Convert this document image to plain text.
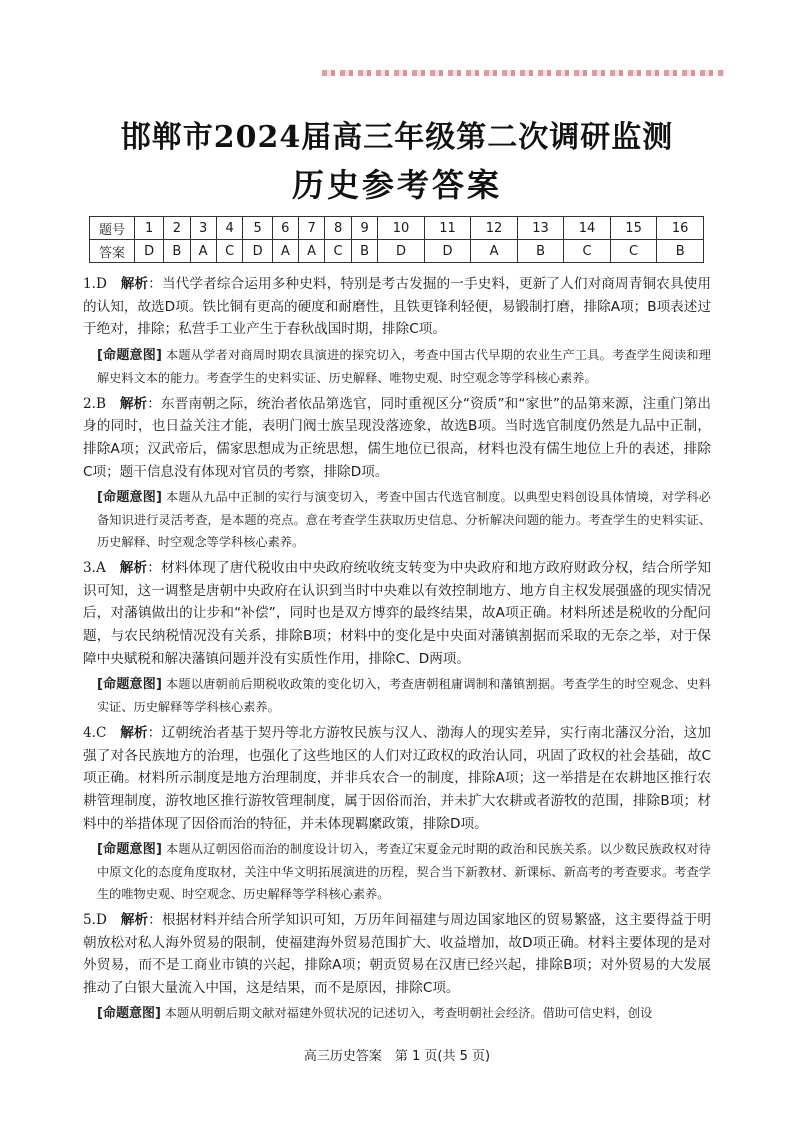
邯郸市2024届高三年级第二次调研监测
历史参考答案
题号	1	2	3	4	5	6	7	8	9	10	11	12	13	14	15	16
答案	D	B	A	C	D	A	A	C	B	D	D	A	B	C	C	B

1.D　 解析：当代学者综合运用多种史料，特别是考古发掘的一手史料，更新了人们对商周青铜农具使用的认知，故选D项。铁比铜有更高的硬度和耐磨性，且铁更锋利轻便，易锻制打磨，排除A项；B项表述过于绝对，排除；私营手工业产生于春秋战国时期，排除C项。

[命题意图] 本题从学者对商周时期农具演进的探究切入，考查中国古代早期的农业生产工具。考查学生阅读和理解史料文本的能力。考查学生的史料实证、历史解释、唯物史观、时空观念等学科核心素养。

2.B　 解析：东晋南朝之际，统治者依品第选官，同时重视区分“资质”和“家世”的品第来源，注重门第出身的同时，也日益关注才能，表明门阀士族呈现没落迹象，故选B项。当时选官制度仍然是九品中正制，排除A项；汉武帝后，儒家思想成为正统思想，儒生地位已很高，材料也没有儒生地位上升的表述，排除C项；题干信息没有体现对官员的考察，排除D项。

[命题意图] 本题从九品中正制的实行与演变切入，考查中国古代选官制度。以典型史料创设具体情境，对学科必备知识进行灵活考查，是本题的亮点。意在考查学生获取历史信息、分析解决问题的能力。考查学生的史料实证、历史解释、时空观念等学科核心素养。

3.A　 解析：材料体现了唐代税收由中央政府统收统支转变为中央政府和地方政府财政分权，结合所学知识可知，这一调整是唐朝中央政府在认识到当时中央难以有效控制地方、地方自主权发展强盛的现实情况后，对藩镇做出的让步和“补偿”，同时也是双方博弈的最终结果，故A项正确。材料所述是税收的分配问题，与农民纳税情况没有关系，排除B项；材料中的变化是中央面对藩镇割据而采取的无奈之举，对于保障中央赋税和解决藩镇问题并没有实质性作用，排除C、D两项。

[命题意图] 本题以唐朝前后期税收政策的变化切入，考查唐朝租庸调制和藩镇割据。考查学生的时空观念、史料实证、历史解释等学科核心素养。

4.C　 解析：辽朝统治者基于契丹等北方游牧民族与汉人、渤海人的现实差异，实行南北藩汉分治，这加强了对各民族地方的治理，也强化了这些地区的人们对辽政权的政治认同，巩固了政权的社会基础，故C项正确。材料所示制度是地方治理制度，并非兵农合一的制度，排除A项；这一举措是在农耕地区推行农耕管理制度，游牧地区推行游牧管理制度，属于因俗而治，并未扩大农耕或者游牧的范围，排除B项；材料中的举措体现了因俗而治的特征，并未体现羁縻政策，排除D项。

[命题意图] 本题从辽朝因俗而治的制度设计切入，考查辽宋夏金元时期的政治和民族关系。以少数民族政权对待中原文化的态度角度取材，关注中华文明拓展演进的历程，契合当下新教材、新课标、新高考的考查要求。考查学生的唯物史观、时空观念、历史解释等学科核心素养。

5.D　 解析：根据材料并结合所学知识可知，万历年间福建与周边国家地区的贸易繁盛，这主要得益于明朝放松对私人海外贸易的限制，使福建海外贸易范围扩大、收益增加，故D项正确。材料主要体现的是对外贸易，而不是工商业市镇的兴起，排除A项；朝贡贸易在汉唐已经兴起，排除B项；对外贸易的大发展推动了白银大量流入中国，这是结果，而不是原因，排除C项。

[命题意图] 本题从明朝后期文献对福建外贸状况的记述切入，考查明朝社会经济。借助可信史料，创设

高三历史答案　第 1 页(共 5 页)
